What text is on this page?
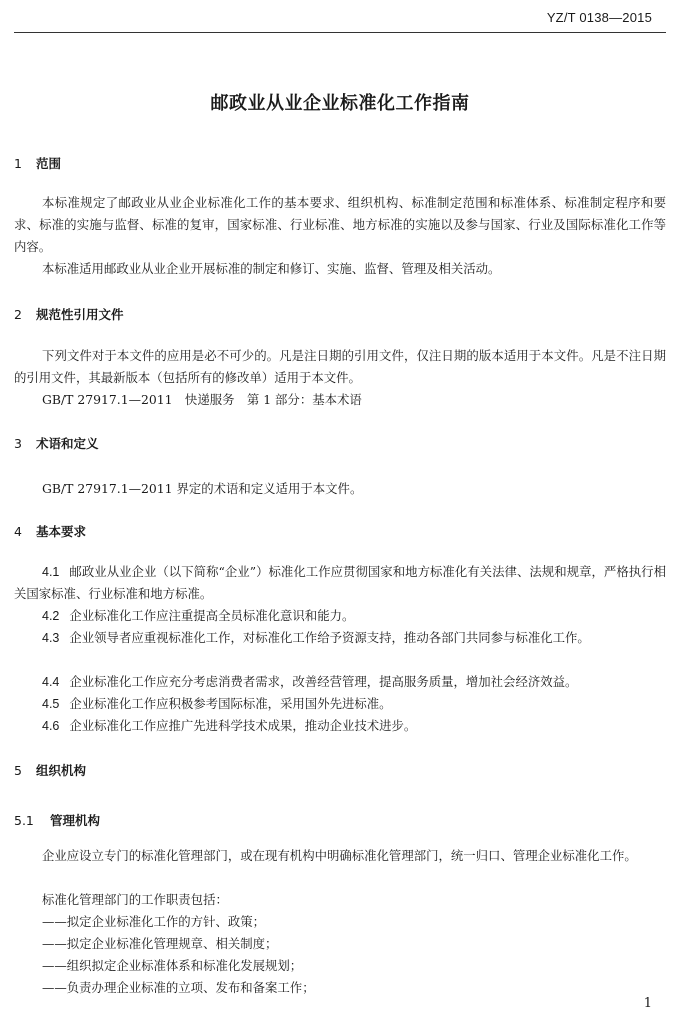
YZ/T 0138—2015
邮政业从业企业标准化工作指南
1 范围

本标准规定了邮政业从业企业标准化工作的基本要求、组织机构、标准制定范围和标准体系、标准制定程序和要求、标准的实施与监督、标准的复审，国家标准、行业标准、地方标准的实施以及参与国家、行业及国际标准化工作等内容。

本标准适用邮政业从业企业开展标准的制定和修订、实施、监督、管理及相关活动。

2 规范性引用文件

下列文件对于本文件的应用是必不可少的。凡是注日期的引用文件，仅注日期的版本适用于本文件。凡是不注日期的引用文件，其最新版本（包括所有的修改单）适用于本文件。

GB/T 27917.1—2011　快递服务　第 1 部分：基本术语
3 术语和定义
GB/T 27917.1—2011 界定的术语和定义适用于本文件。
4 基本要求

4.1 邮政业从业企业（以下简称“企业”）标准化工作应贯彻国家和地方标准化有关法律、法规和规章，严格执行相关国家标准、行业标准和地方标准。

4.2 企业标准化工作应注重提高全员标准化意识和能力。

4.3 企业领导者应重视标准化工作，对标准化工作给予资源支持，推动各部门共同参与标准化工作。

4.4 企业标准化工作应充分考虑消费者需求，改善经营管理，提高服务质量，增加社会经济效益。

4.5 企业标准化工作应积极参考国际标准，采用国外先进标准。

4.6 企业标准化工作应推广先进科学技术成果，推动企业技术进步。

5 组织机构
5.1 管理机构

企业应设立专门的标准化管理部门，或在现有机构中明确标准化管理部门，统一归口、管理企业标准化工作。

标准化管理部门的工作职责包括：
——拟定企业标准化工作的方针、政策；
——拟定企业标准化管理规章、相关制度；
——组织拟定企业标准体系和标准化发展规划；
——负责办理企业标准的立项、发布和备案工作；
1
